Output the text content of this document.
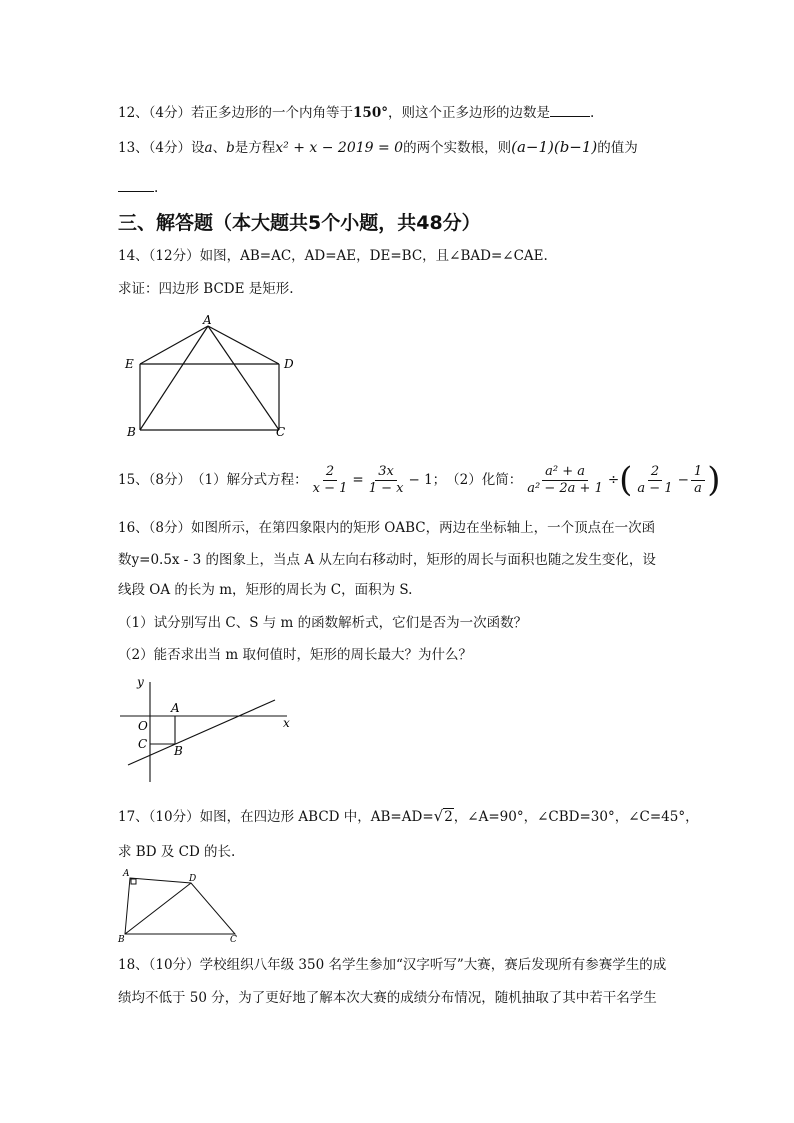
12、（4分）若正多边形的一个内角等于150°，则这个正多边形的边数是	.
13、（4分）设a、b是方程x² + x − 2019 = 0的两个实数根，则(a−1)(b−1)的值为
.
三、解答题（本大题共5个小题，共48分）
14、（12分）如图，AB=AC，AD=AE，DE=BC，且∠BAD=∠CAE.
求证：四边形 BCDE 是矩形.
A
E	D
B	C
15、（8分） （1）解分式方程： $\frac{2}{x - 1} = \frac{3x}{1 - x} - 1$ ； （2）化简： $\frac{\text{a² + a}}{\text{a² − 2a + 1}}$ ÷ ( $\frac{2}{a - 1} - \frac{1}{a}$ )
16、（8分）如图所示，在第四象限内的矩形 OABC，两边在坐标轴上，一个顶点在一次函
数y=0.5x - 3 的图象上，当点 A 从左向右移动时，矩形的周长与面积也随之发生变化，设
线段 OA 的长为 m，矩形的周长为 C，面积为 S.
（1）试分别写出 C、S 与 m 的函数解析式，它们是否为一次函数？
（2）能否求出当 m 取何值时，矩形的周长最大？为什么？
y
x
A
O
C B
17、（10分）如图，在四边形 ABCD 中，AB=AD=√2，∠A=90°，∠CBD=30°，∠C=45°，
求 BD 及 CD 的长.
A	D
B	C
18、（10分）学校组织八年级 350 名学生参加“汉字听写”大赛，赛后发现所有参赛学生的成
绩均不低于 50 分，为了更好地了解本次大赛的成绩分布情况，随机抽取了其中若干名学生
